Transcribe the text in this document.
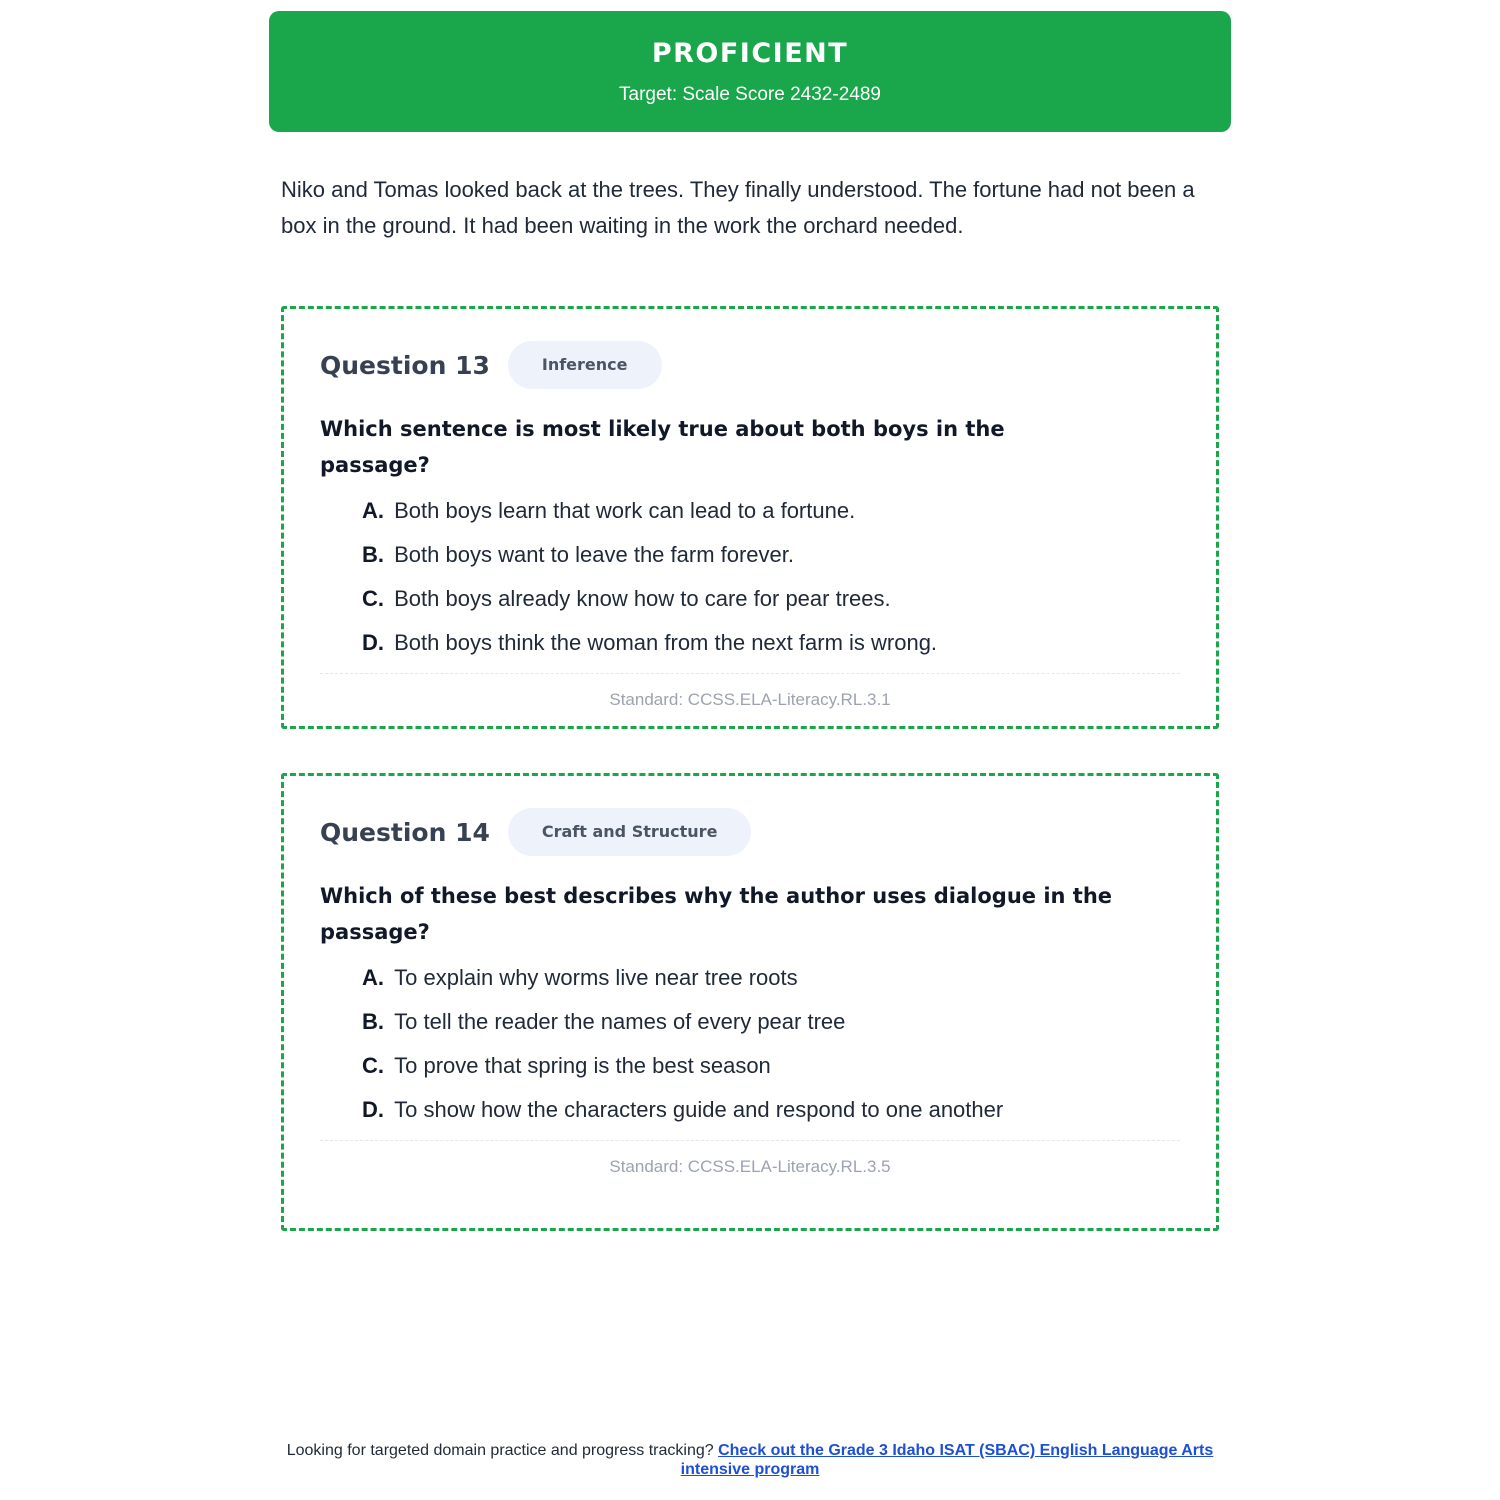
PROFICIENT
Target: Scale Score 2432-2489

Niko and Tomas looked back at the trees. They finally understood. The fortune had not been a box in the ground. It had been waiting in the work the orchard needed.

Question 13	Inference
Which sentence is most likely true about both boys in the passage?
A. Both boys learn that work can lead to a fortune.
B. Both boys want to leave the farm forever.
C. Both boys already know how to care for pear trees.
D. Both boys think the woman from the next farm is wrong.
Standard: CCSS.ELA-Literacy.RL.3.1
Question 14	Craft and Structure
Which of these best describes why the author uses dialogue in the passage?
A. To explain why worms live near tree roots
B. To tell the reader the names of every pear tree
C. To prove that spring is the best season
D. To show how the characters guide and respond to one another
Standard: CCSS.ELA-Literacy.RL.3.5
Looking for targeted domain practice and progress tracking? Check out the Grade 3 Idaho ISAT (SBAC) English Language Arts intensive program
